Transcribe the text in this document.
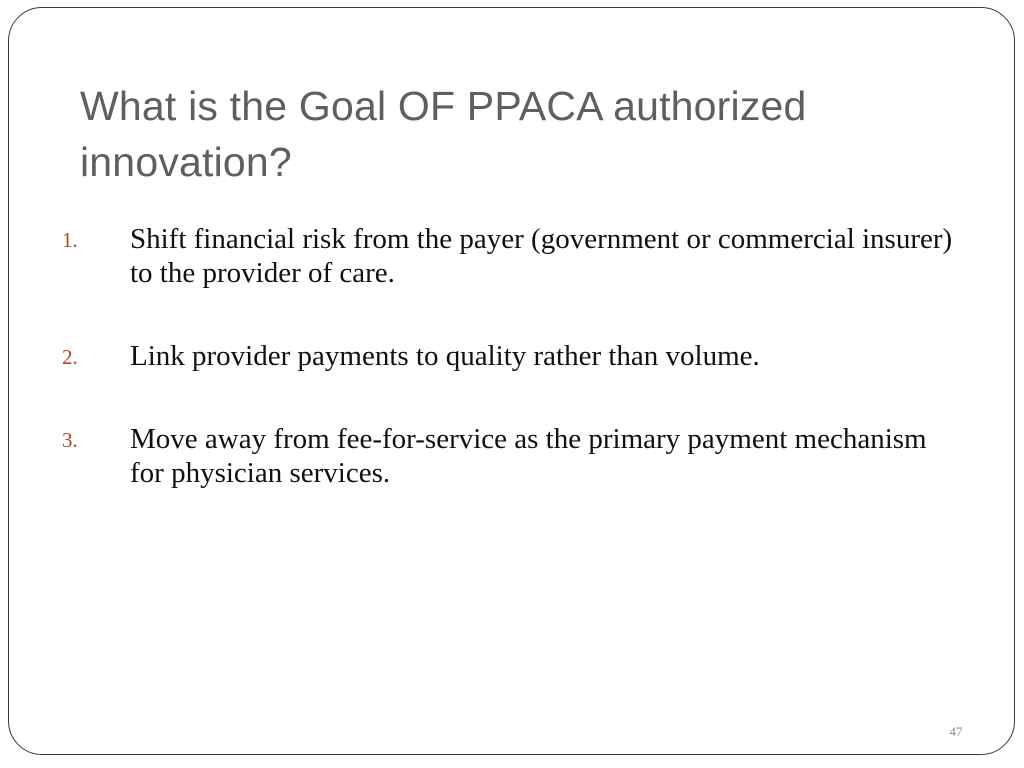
What is the Goal OF PPACA authorized innovation?
1. Shift financial risk from the payer (government or commercial insurer) to the provider of care.
2. Link provider payments to quality rather than volume.
3. Move away from fee-for-service as the primary payment mechanism for physician services.
47
